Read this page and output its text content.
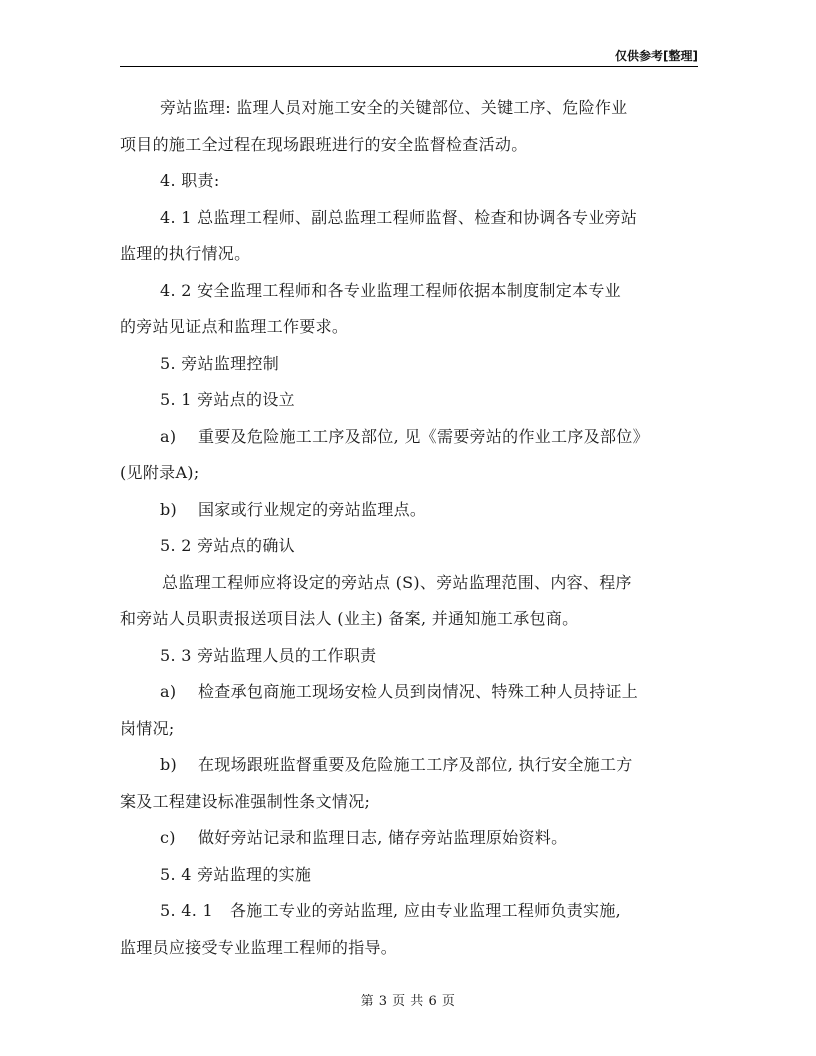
仅供参考[整理]
旁站监理: 监理人员对施工安全的关键部位、关键工序、危险作业
项目的施工全过程在现场跟班进行的安全监督检查活动。
4. 职责:
4. 1 总监理工程师、副总监理工程师监督、检查和协调各专业旁站
监理的执行情况。
4. 2 安全监理工程师和各专业监理工程师依据本制度制定本专业
的旁站见证点和监理工作要求。
5. 旁站监理控制
5. 1 旁站点的设立
a) 重要及危险施工工序及部位, 见《需要旁站的作业工序及部位》
(见附录A);
b) 国家或行业规定的旁站监理点。
5. 2 旁站点的确认
总监理工程师应将设定的旁站点 (S)、旁站监理范围、内容、程序
和旁站人员职责报送项目法人 (业主) 备案, 并通知施工承包商。
5. 3 旁站监理人员的工作职责
a) 检查承包商施工现场安检人员到岗情况、特殊工种人员持证上
岗情况;
b) 在现场跟班监督重要及危险施工工序及部位, 执行安全施工方
案及工程建设标准强制性条文情况;
c) 做好旁站记录和监理日志, 储存旁站监理原始资料。
5. 4 旁站监理的实施
5. 4. 1 各施工专业的旁站监理, 应由专业监理工程师负责实施,
监理员应接受专业监理工程师的指导。
第 3 页 共 6 页
